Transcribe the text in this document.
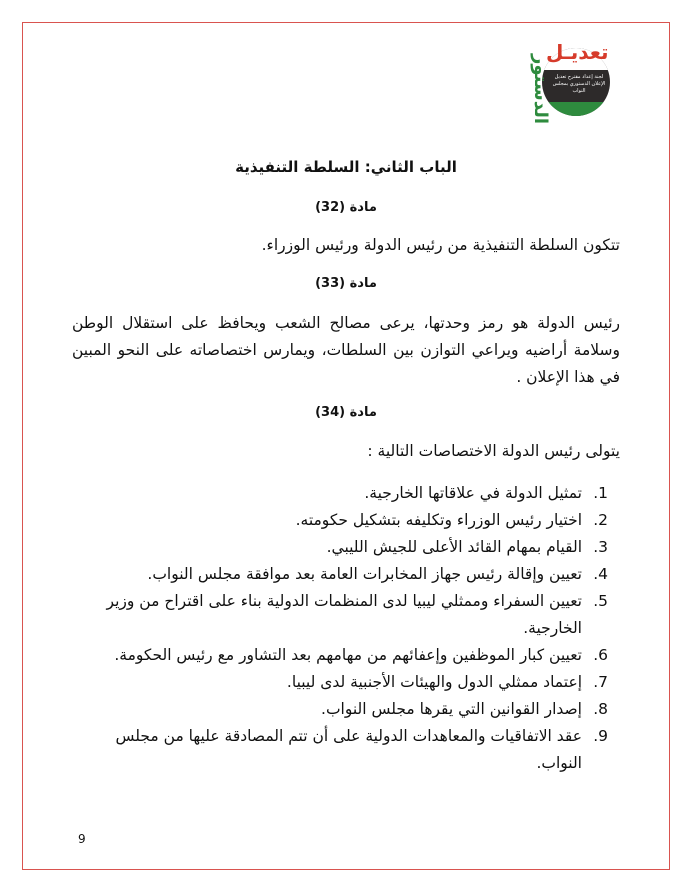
تعديـل
الدستور لجنة إعداد مقترح تعديل الإعلان الدستوري بمجلس النواب
الباب الثاني: السلطة التنفيذية
مادة (32)
تتكون السلطة التنفيذية من رئيس الدولة ورئيس الوزراء.
مادة (33)
رئيس الدولة هو رمز وحدتها، يرعى مصالح الشعب ويحافظ على استقلال الوطن وسلامة أراضيه ويراعي التوازن بين السلطات، ويمارس اختصاصاته على النحو المبين في هذا الإعلان .
مادة (34)
يتولى رئيس الدولة الاختصاصات التالية :
1.
تمثيل الدولة في علاقاتها الخارجية.
2.
اختيار رئيس الوزراء وتكليفه بتشكيل حكومته.
3.
القيام بمهام القائد الأعلى للجيش الليبي.
4.
تعيين وإقالة رئيس جهاز المخابرات العامة بعد موافقة مجلس النواب.
5.
تعيين السفراء وممثلي ليبيا لدى المنظمات الدولية بناء على اقتراح من وزير الخارجية.
6.
تعيين كبار الموظفين وإعفائهم من مهامهم بعد التشاور مع رئيس الحكومة.
7.
إعتماد ممثلي الدول والهيئات الأجنبية لدى ليبيا.
8.
إصدار القوانين التي يقرها مجلس النواب.
9.
عقد الاتفاقيات والمعاهدات الدولية على أن تتم المصادقة عليها من مجلس النواب.
9
